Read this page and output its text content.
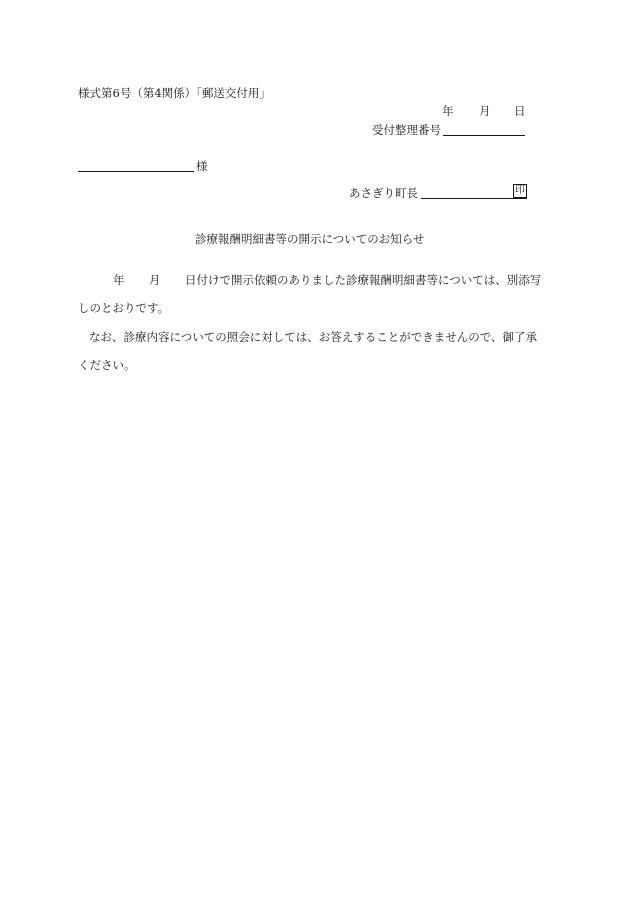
様式第6号（第4関係）「郵送交付用」
年 月 日
受付整理番号
様
あさぎり町長	印
診療報酬明細書等の開示についてのお知らせ
年 月 日付けで開示依頼のありました診療報酬明細書等については、別添写
しのとおりです。
なお、診療内容についての照会に対しては、お答えすることができませんので、御了承
ください。
